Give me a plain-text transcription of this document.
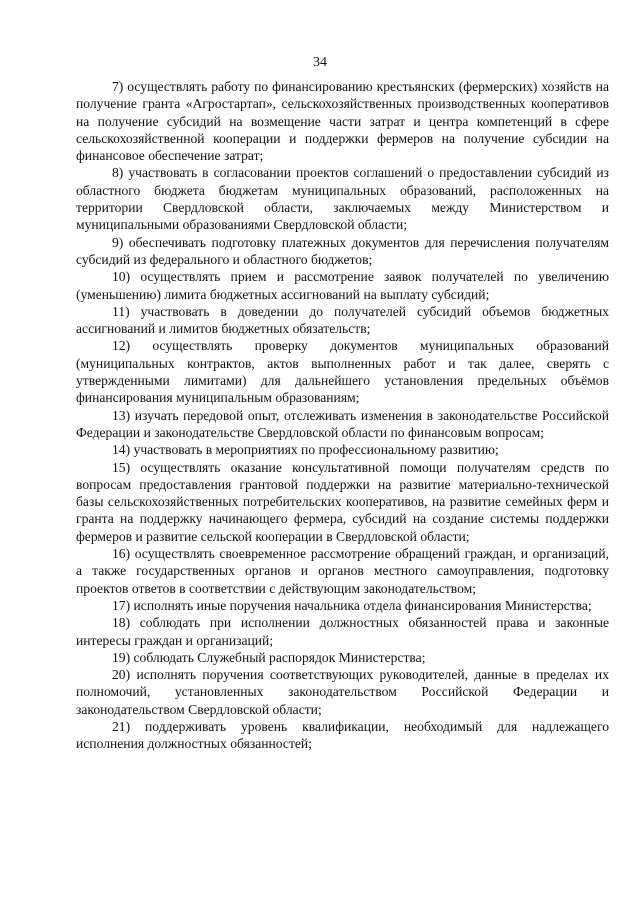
34

7) осуществлять работу по финансированию крестьянских (фермерских) хозяйств на получение гранта «Агростартап», сельскохозяйственных производственных кооперативов на получение субсидий на возмещение части затрат и центра компетенций в сфере сельскохозяйственной кооперации и поддержки фермеров на получение субсидии на финансовое обеспечение затрат;

8) участвовать в согласовании проектов соглашений о предоставлении субсидий из областного бюджета бюджетам муниципальных образований, расположенных на территории Свердловской области, заключаемых между Министерством и муниципальными образованиями Свердловской области;

9) обеспечивать подготовку платежных документов для перечисления получателям субсидий из федерального и областного бюджетов;

10) осуществлять прием и рассмотрение заявок получателей по увеличению (уменьшению) лимита бюджетных ассигнований на выплату субсидий;

11) участвовать в доведении до получателей субсидий объемов бюджетных ассигнований и лимитов бюджетных обязательств;

12) осуществлять проверку документов муниципальных образований (муниципальных контрактов, актов выполненных работ и так далее, сверять с утвержденными лимитами) для дальнейшего установления предельных объёмов финансирования муниципальным образованиям;

13) изучать передовой опыт, отслеживать изменения в законодательстве Российской Федерации и законодательстве Свердловской области по финансовым вопросам;

14) участвовать в мероприятиях по профессиональному развитию;

15) осуществлять оказание консультативной помощи получателям средств по вопросам предоставления грантовой поддержки на развитие материально-технической базы сельскохозяйственных потребительских кооперативов, на развитие семейных ферм и гранта на поддержку начинающего фермера, субсидий на создание системы поддержки фермеров и развитие сельской кооперации в Свердловской области;

16) осуществлять своевременное рассмотрение обращений граждан, и организаций, а также государственных органов и органов местного самоуправления, подготовку проектов ответов в соответствии с действующим законодательством;

17) исполнять иные поручения начальника отдела финансирования Министерства;

18) соблюдать при исполнении должностных обязанностей права и законные интересы граждан и организаций;

19) соблюдать Служебный распорядок Министерства;

20) исполнять поручения соответствующих руководителей, данные в пределах их полномочий, установленных законодательством Российской Федерации и законодательством Свердловской области;

21) поддерживать уровень квалификации, необходимый для надлежащего исполнения должностных обязанностей;
